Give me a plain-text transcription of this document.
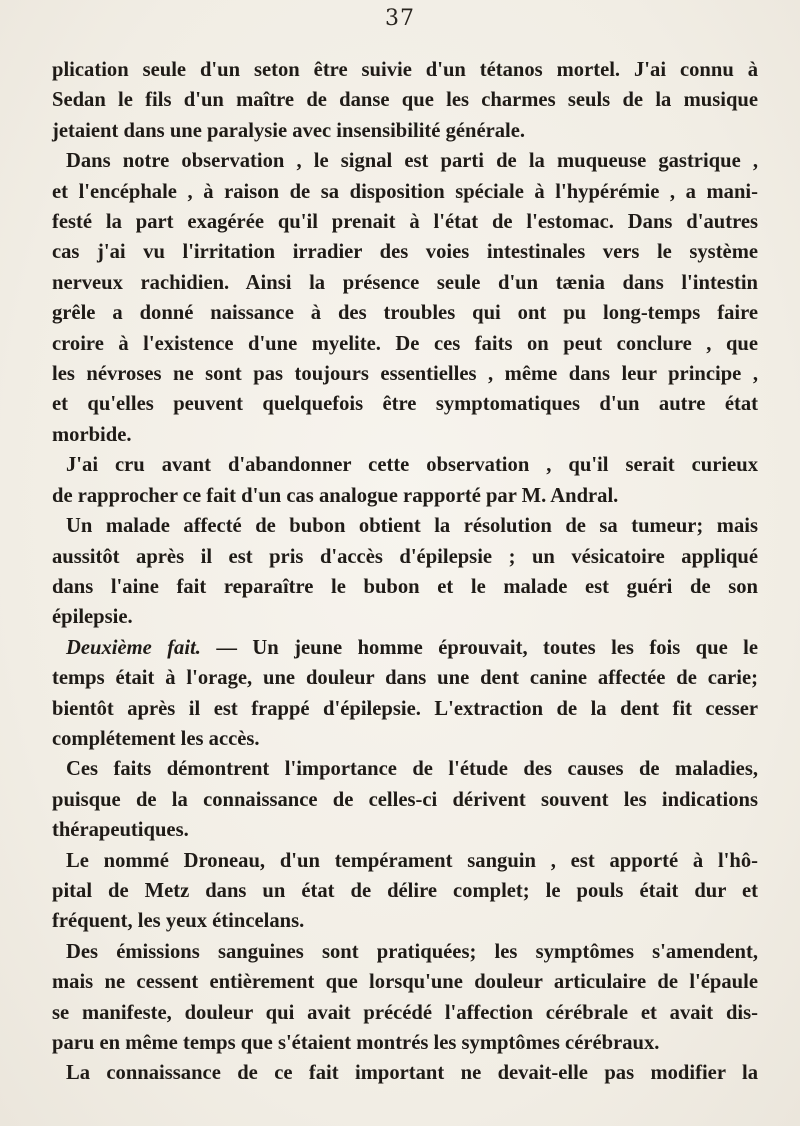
37
plication seule d'un seton être suivie d'un tétanos mortel. J'ai connu à
Sedan le fils d'un maître de danse que les charmes seuls de la musique
jetaient dans une paralysie avec insensibilité générale.
Dans notre observation , le signal est parti de la muqueuse gastrique ,
et l'encéphale , à raison de sa disposition spéciale à l'hypérémie , a mani-
festé la part exagérée qu'il prenait à l'état de l'estomac. Dans d'autres
cas j'ai vu l'irritation irradier des voies intestinales vers le système
nerveux rachidien. Ainsi la présence seule d'un tænia dans l'intestin
grêle a donné naissance à des troubles qui ont pu long-temps faire
croire à l'existence d'une myelite. De ces faits on peut conclure , que
les névroses ne sont pas toujours essentielles , même dans leur principe ,
et qu'elles peuvent quelquefois être symptomatiques d'un autre état
morbide.
J'ai cru avant d'abandonner cette observation , qu'il serait curieux
de rapprocher ce fait d'un cas analogue rapporté par M. Andral.
Un malade affecté de bubon obtient la résolution de sa tumeur; mais
aussitôt après il est pris d'accès d'épilepsie ; un vésicatoire appliqué
dans l'aine fait reparaître le bubon et le malade est guéri de son
épilepsie.
Deuxième fait. — Un jeune homme éprouvait, toutes les fois que le
temps était à l'orage, une douleur dans une dent canine affectée de carie;
bientôt après il est frappé d'épilepsie. L'extraction de la dent fit cesser
complétement les accès.
Ces faits démontrent l'importance de l'étude des causes de maladies,
puisque de la connaissance de celles-ci dérivent souvent les indications
thérapeutiques.
Le nommé Droneau, d'un tempérament sanguin , est apporté à l'hô-
pital de Metz dans un état de délire complet; le pouls était dur et
fréquent, les yeux étincelans.
Des émissions sanguines sont pratiquées; les symptômes s'amendent,
mais ne cessent entièrement que lorsqu'une douleur articulaire de l'épaule
se manifeste, douleur qui avait précédé l'affection cérébrale et avait dis-
paru en même temps que s'étaient montrés les symptômes cérébraux.
La connaissance de ce fait important ne devait-elle pas modifier la
